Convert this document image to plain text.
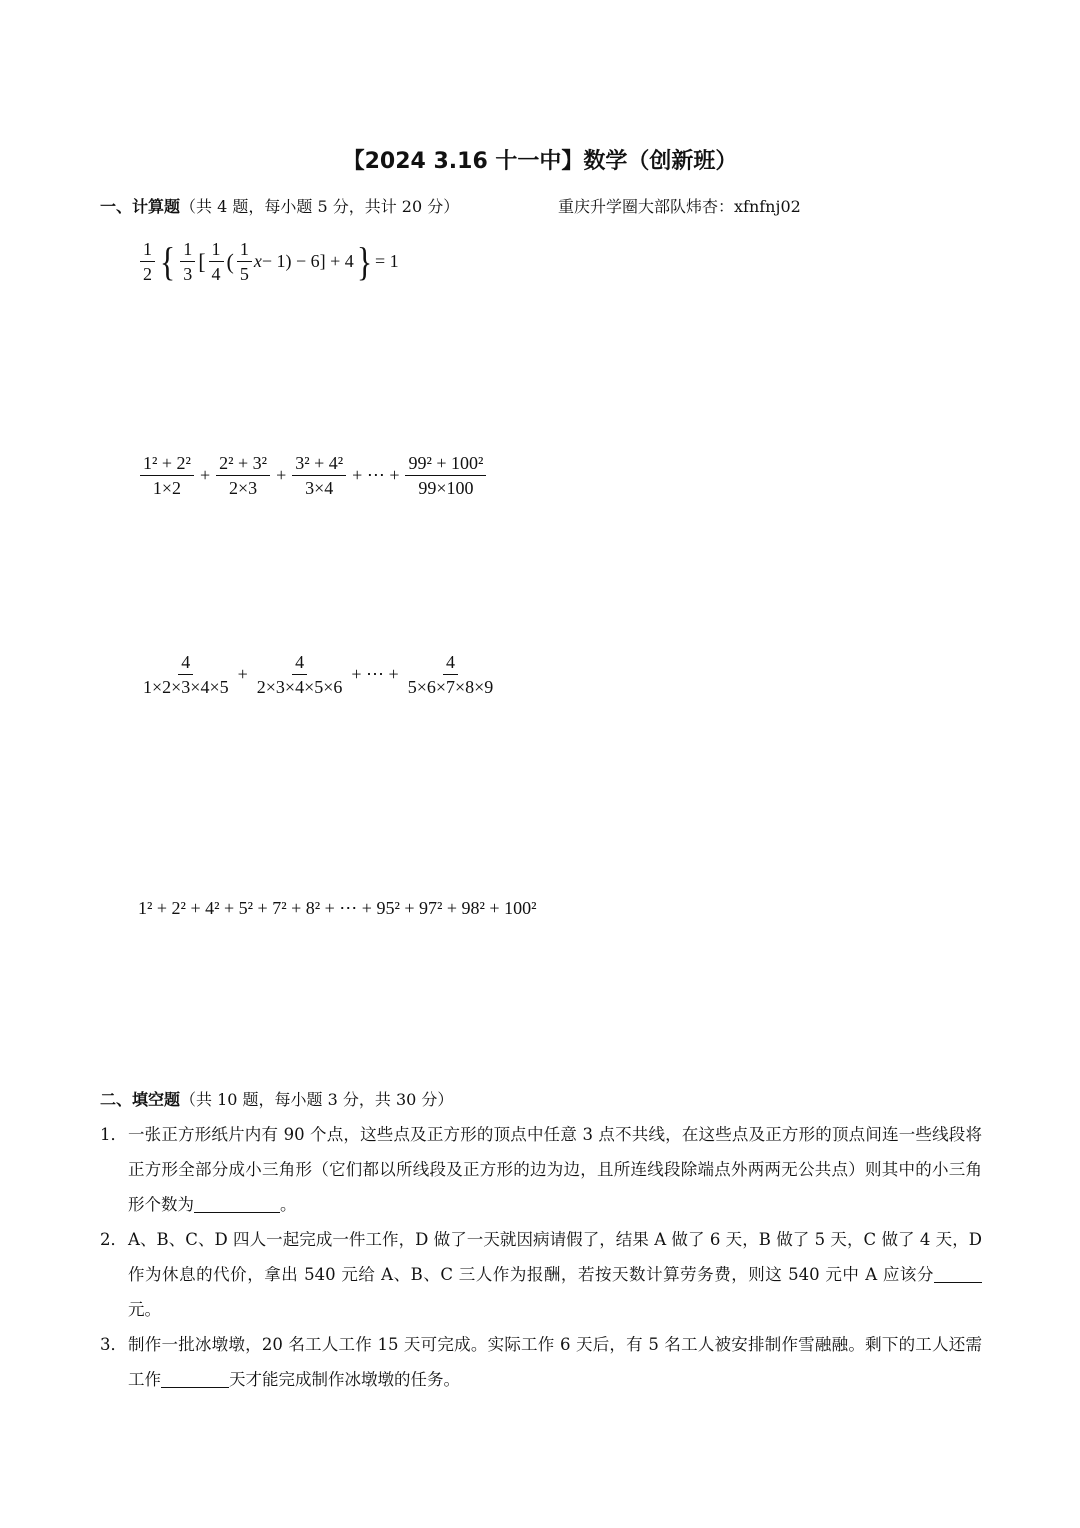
【2024 3.16 十一中】数学（创新班）
一、计算题（共 4 题，每小题 5 分，共计 20 分）	重庆升学圈大部队炜杏：xfnfnj02
$\frac{1}{2}$ { $\frac{1}{3}$ [ $\frac{1}{4}$ ( $\frac{1}{5}$ x − 1) − 6] + 4 } = 1
$\frac{\text{1² + 2²}}{1\times 2} + \frac{\text{2² + 3²}}{2\times 3} + \frac{\text{3² + 4²}}{3\times 4}$ + ⋯ + $\frac{\text{99² + 100²}}{99\times 100}$
$\frac{4}{1\times 2\times 3\times 4\times 5} + \frac{4}{2\times 3\times 4\times 5\times 6}$ + ⋯ + $\frac{4}{5\times 6\times 7\times 8\times 9}$
1² + 2² + 4² + 5² + 7² + 8² + ⋯ + 95² + 97² + 98² + 100²
二、填空题（共 10 题，每小题 3 分，共 30 分）
1． 一张正方形纸片内有 90 个点，这些点及正方形的顶点中任意 3 点不共线，在这些点及正方形的顶点间连一些线段将正方形全部分成小三角形（它们都以所线段及正方形的边为边，且所连线段除端点外两两无公共点）则其中的小三角形个数为	。
2． A、B、C、D 四人一起完成一件工作，D 做了一天就因病请假了，结果 A 做了 6 天，B 做了 5 天，C 做了 4 天，D 作为休息的代价，拿出 540 元给 A、B、C 三人作为报酬，若按天数计算劳务费，则这 540 元中 A 应该分元。
3． 制作一批冰墩墩，20 名工人工作 15 天可完成。实际工作 6 天后，有 5 名工人被安排制作雪融融。剩下的工人还需工作	天才能完成制作冰墩墩的任务。
